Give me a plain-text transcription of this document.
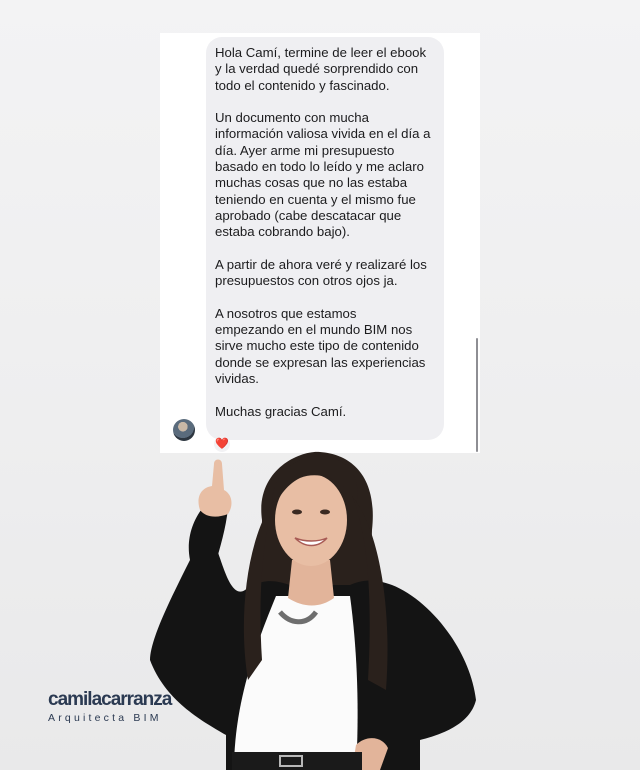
Hola Camí, termine de leer el ebook
y la verdad quedé sorprendido con
todo el contenido y fascinado.

Un documento con mucha
información valiosa vivida en el día a
día. Ayer arme mi presupuesto
basado en todo lo leído y me aclaro
muchas cosas que no las estaba
teniendo en cuenta y el mismo fue
aprobado (cabe descatacar que
estaba cobrando bajo).

A partir de ahora veré y realizaré los
presupuestos con otros ojos ja.

A nosotros que estamos
empezando en el mundo BIM nos
sirve mucho este tipo de contenido
donde se expresan las experiencias
vividas.

Muchas gracias Camí.

❤️
camilacarranza
Arquitecta BIM
